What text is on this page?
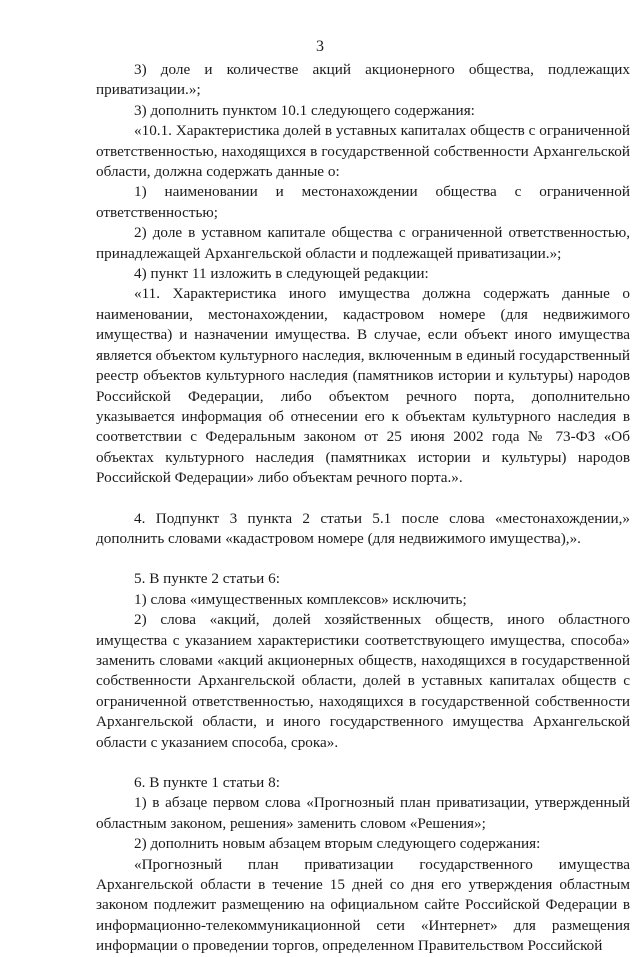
3
3) доле и количестве акций акционерного общества, подлежащих приватизации.»;
3) дополнить пунктом 10.1 следующего содержания:
«10.1. Характеристика долей в уставных капиталах обществ с ограниченной ответственностью, находящихся в государственной собственности Архангельской области, должна содержать данные о:
1) наименовании и местонахождении общества с ограниченной ответственностью;
2) доле в уставном капитале общества с ограниченной ответственностью, принадлежащей Архангельской области и подлежащей приватизации.»;
4) пункт 11 изложить в следующей редакции:
«11. Характеристика иного имущества должна содержать данные о наименовании, местонахождении, кадастровом номере (для недвижимого имущества) и назначении имущества. В случае, если объект иного имущества является объектом культурного наследия, включенным в единый государственный реестр объектов культурного наследия (памятников истории и культуры) народов Российской Федерации, либо объектом речного порта, дополнительно указывается информация об отнесении его к объектам культурного наследия в соответствии с Федеральным законом от 25 июня 2002 года № 73-ФЗ «Об объектах культурного наследия (памятниках истории и культуры) народов Российской Федерации» либо объектам речного порта.».
4. Подпункт 3 пункта 2 статьи 5.1 после слова «местонахождении,» дополнить словами «кадастровом номере (для недвижимого имущества),».
5. В пункте 2 статьи 6:
1) слова «имущественных комплексов» исключить;
2) слова «акций, долей хозяйственных обществ, иного областного имущества с указанием характеристики соответствующего имущества, способа» заменить словами «акций акционерных обществ, находящихся в государственной собственности Архангельской области, долей в уставных капиталах обществ с ограниченной ответственностью, находящихся в государственной собственности Архангельской области, и иного государственного имущества Архангельской области с указанием способа, срока».
6. В пункте 1 статьи 8:
1) в абзаце первом слова «Прогнозный план приватизации, утвержденный областным законом, решения» заменить словом «Решения»;
2) дополнить новым абзацем вторым следующего содержания:
«Прогнозный план приватизации государственного имущества Архангельской области в течение 15 дней со дня его утверждения областным законом подлежит размещению на официальном сайте Российской Федерации в информационно-телекоммуникационной сети «Интернет» для размещения информации о проведении торгов, определенном Правительством Российской
